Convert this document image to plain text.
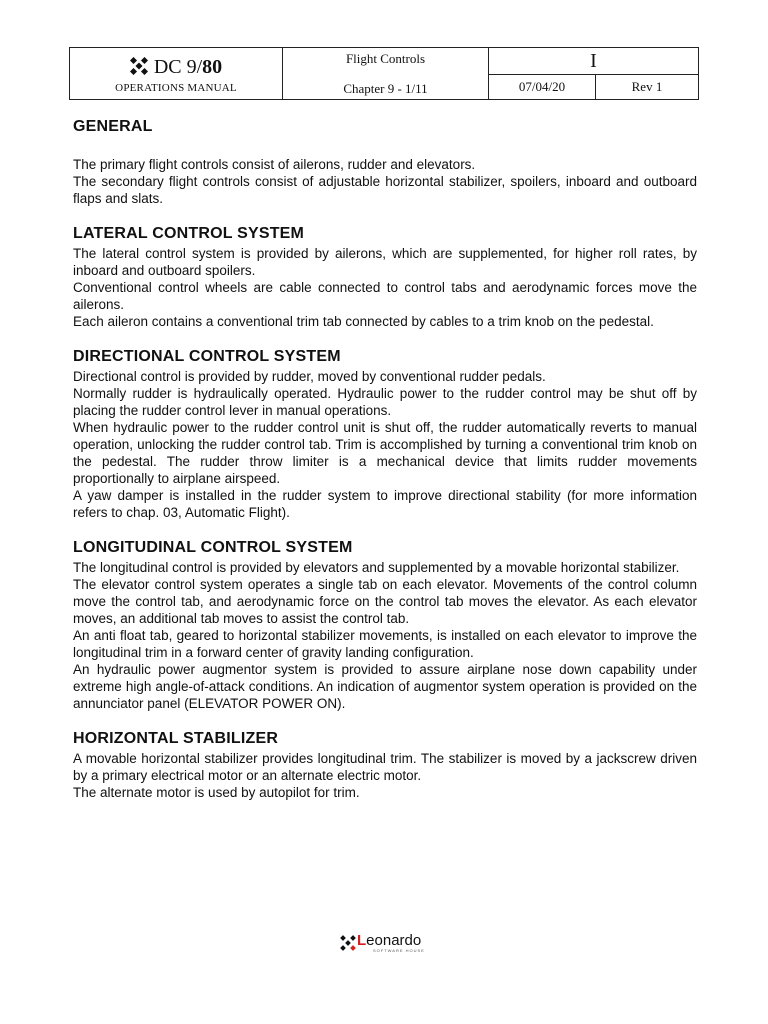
DC 9/80
OPERATIONS MANUAL
Flight Controls
Chapter 9 - 1/11
I
07/04/20	Rev 1
GENERAL

The primary flight controls consist of ailerons, rudder and elevators.

The secondary flight controls consist of adjustable horizontal stabilizer, spoilers, inboard and outboard flaps and slats.

LATERAL CONTROL SYSTEM

The lateral control system is provided by ailerons, which are supplemented, for higher roll rates, by inboard and outboard spoilers.

Conventional control wheels are cable connected to control tabs and aerodynamic forces move the ailerons.

Each aileron contains a conventional trim tab connected by cables to a trim knob on the pedestal.

DIRECTIONAL CONTROL SYSTEM

Directional control is provided by rudder, moved by conventional rudder pedals.

Normally rudder is hydraulically operated. Hydraulic power to the rudder control may be shut off by placing the rudder control lever in manual operations.

When hydraulic power to the rudder control unit is shut off, the rudder automatically reverts to manual operation, unlocking the rudder control tab. Trim is accomplished by turning a conventional trim knob on the pedestal. The rudder throw limiter is a mechanical device that limits rudder movements proportionally to airplane airspeed.

A yaw damper is installed in the rudder system to improve directional stability (for more information refers to chap. 03, Automatic Flight).

LONGITUDINAL CONTROL SYSTEM

The longitudinal control is provided by elevators and supplemented by a movable horizontal stabilizer.

The elevator control system operates a single tab on each elevator. Movements of the control column move the control tab, and aerodynamic force on the control tab moves the elevator. As each elevator moves, an additional tab moves to assist the control tab.

An anti float tab, geared to horizontal stabilizer movements, is installed on each elevator to improve the longitudinal trim in a forward center of gravity landing configuration.

An hydraulic power augmentor system is provided to assure airplane nose down capability under extreme high angle-of-attack conditions. An indication of augmentor system operation is provided on the annunciator panel (ELEVATOR POWER ON).

HORIZONTAL STABILIZER

A movable horizontal stabilizer provides longitudinal trim. The stabilizer is moved by a jackscrew driven by a primary electrical motor or an alternate electric motor.

The alternate motor is used by autopilot for trim.

Leonardo
SOFTWARE HOUSE
